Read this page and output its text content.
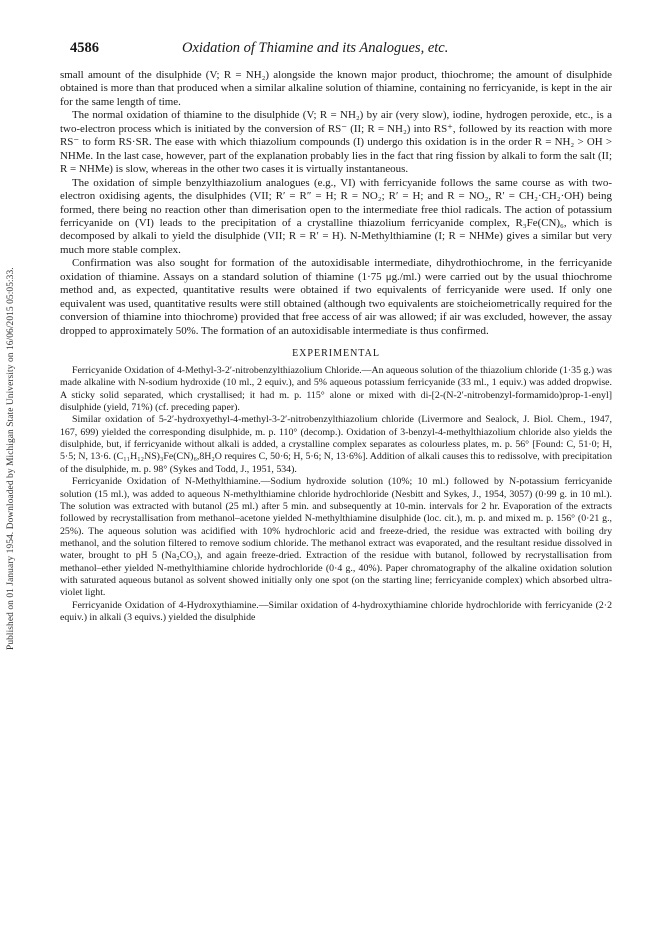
Published on 01 January 1954. Downloaded by Michigan State University on 16/06/2015 05:05:33.
4586	Oxidation of Thiamine and its Analogues, etc.

small amount of the disulphide (V; R = NH₂) alongside the known major product, thiochrome; the amount of disulphide obtained is more than that produced when a similar alkaline solution of thiamine, containing no ferricyanide, is kept in the air for the same length of time.

The normal oxidation of thiamine to the disulphide (V; R = NH₂) by air (very slow), iodine, hydrogen peroxide, etc., is a two-electron process which is initiated by the conversion of RS⁻ (II; R = NH₂) into RS⁺, followed by its reaction with more RS⁻ to form RS·SR. The ease with which thiazolium compounds (I) undergo this oxidation is in the order R = NH₂ > OH > NHMe. In the last case, however, part of the explanation probably lies in the fact that ring fission by alkali to form the salt (II; R = NHMe) is slow, whereas in the other two cases it is virtually instantaneous.

The oxidation of simple benzylthiazolium analogues (e.g., VI) with ferricyanide follows the same course as with two-electron oxidising agents, the disulphides (VII; R′ = R″ = H; R = NO₂; R′ = H; and R = NO₂, R′ = CH₂·CH₂·OH) being formed, there being no reaction other than dimerisation open to the intermediate free thiol radicals. The action of potassium ferricyanide on (VI) leads to the precipitation of a crystalline thiazolium ferricyanide complex, R₃Fe(CN)₆, which is decomposed by alkali to yield the disulphide (VII; R = R′ = H). N-Methylthiamine (I; R = NHMe) gives a similar but very much more stable complex.

Confirmation was also sought for formation of the autoxidisable intermediate, dihydrothiochrome, in the ferricyanide oxidation of thiamine. Assays on a standard solution of thiamine (1·75 μg./ml.) were carried out by the usual thiochrome method and, as expected, quantitative results were obtained if two equivalents of ferricyanide were used. If only one equivalent was used, quantitative results were still obtained (although two equivalents are stoicheiometrically required for the conversion of thiamine into thiochrome) provided that free access of air was allowed; if air was excluded, however, the assay dropped to approximately 50%. The formation of an autoxidisable intermediate is thus confirmed.

EXPERIMENTAL

Ferricyanide Oxidation of 4-Methyl-3-2′-nitrobenzylthiazolium Chloride.—An aqueous solution of the thiazolium chloride (1·35 g.) was made alkaline with N-sodium hydroxide (10 ml., 2 equiv.), and 5% aqueous potassium ferricyanide (33 ml., 1 equiv.) was added dropwise. A sticky solid separated, which crystallised; it had m. p. 115° alone or mixed with di-[2-(N-2′-nitrobenzyl-formamido)prop-1-enyl] disulphide (yield, 71%) (cf. preceding paper).

Similar oxidation of 5-2′-hydroxyethyl-4-methyl-3-2′-nitrobenzylthiazolium chloride (Livermore and Sealock, J. Biol. Chem., 1947, 167, 699) yielded the corresponding disulphide, m. p. 110° (decomp.). Oxidation of 3-benzyl-4-methylthiazolium chloride also yields the disulphide, but, if ferricyanide without alkali is added, a crystalline complex separates as colourless plates, m. p. 56° [Found: C, 51·0; H, 5·5; N, 13·6. (C₁₁H₁₂NS)₃Fe(CN)₆,8H₂O requires C, 50·6; H, 5·6; N, 13·6%]. Addition of alkali causes this to redissolve, with precipitation of the disulphide, m. p. 98° (Sykes and Todd, J., 1951, 534).

Ferricyanide Oxidation of N-Methylthiamine.—Sodium hydroxide solution (10%; 10 ml.) followed by N-potassium ferricyanide solution (15 ml.), was added to aqueous N-methylthiamine chloride hydrochloride (Nesbitt and Sykes, J., 1954, 3057) (0·99 g. in 10 ml.). The solution was extracted with butanol (25 ml.) after 5 min. and subsequently at 10-min. intervals for 2 hr. Evaporation of the extracts followed by recrystallisation from methanol–acetone yielded N-methylthiamine disulphide (loc. cit.), m. p. and mixed m. p. 156° (0·21 g., 25%). The aqueous solution was acidified with 10% hydrochloric acid and freeze-dried, the residue was extracted with boiling dry methanol, and the solution filtered to remove sodium chloride. The methanol extract was evaporated, and the resultant residue dissolved in water, brought to pH 5 (Na₂CO₃), and again freeze-dried. Extraction of the residue with butanol, followed by recrystallisation from methanol–ether yielded N-methylthiamine chloride hydrochloride (0·4 g., 40%). Paper chromatography of the alkaline oxidation solution with saturated aqueous butanol as solvent showed initially only one spot (on the starting line; ferricyanide complex) which absorbed ultra-violet light.

Ferricyanide Oxidation of 4-Hydroxythiamine.—Similar oxidation of 4-hydroxythiamine chloride hydrochloride with ferricyanide (2·2 equiv.) in alkali (3 equivs.) yielded the disulphide
